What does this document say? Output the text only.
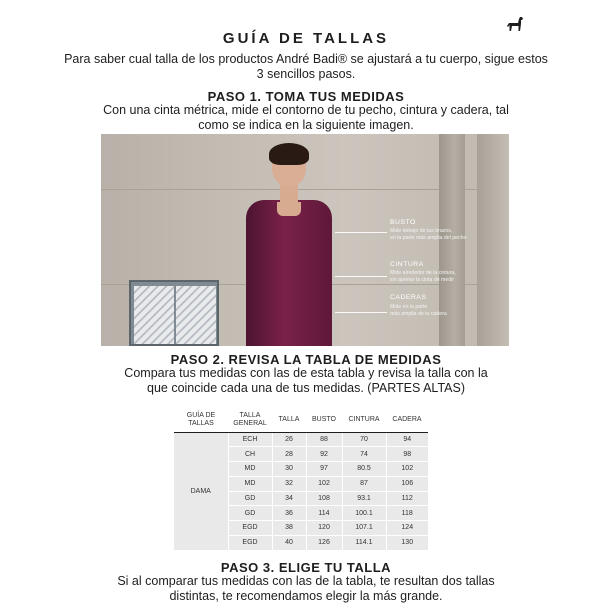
GUÍA DE TALLAS
Para saber cual talla de los productos André Badi® se ajustará a tu cuerpo, sigue estos 3 sencillos pasos.
PASO 1. TOMA TUS MEDIDAS
Con una cinta métrica, mide el contorno de tu pecho, cintura y cadera, tal como se indica en la siguiente imagen.
BUSTO
Mide debajo de tus brazos,
en la parte más amplia del pecho
CINTURA
Mide alrededor de la cintura,
sin apretar la cinta de medir
CADERAS
Mide en la parte
más amplia de tu cadera
PASO 2. REVISA LA TABLA DE MEDIDAS
Compara tus medidas con las de esta tabla y revisa la talla con la que coincide cada una de tus medidas. (PARTES ALTAS)
GUÍA DE TALLAS	TALLA GENERAL	TALLA	BUSTO	CINTURA	CADERA
DAMA	ECH	26	88	70	94
	CH	28	92	74	98
	MD	30	97	80.5	102
	MD	32	102	87	106
	GD	34	108	93.1	112
	GD	36	114	100.1	118
	EGD	38	120	107.1	124
	EGD	40	126	114.1	130
PASO 3. ELIGE TU TALLA
Si al comparar tus medidas con las de la tabla, te resultan dos tallas distintas, te recomendamos elegir la más grande.
